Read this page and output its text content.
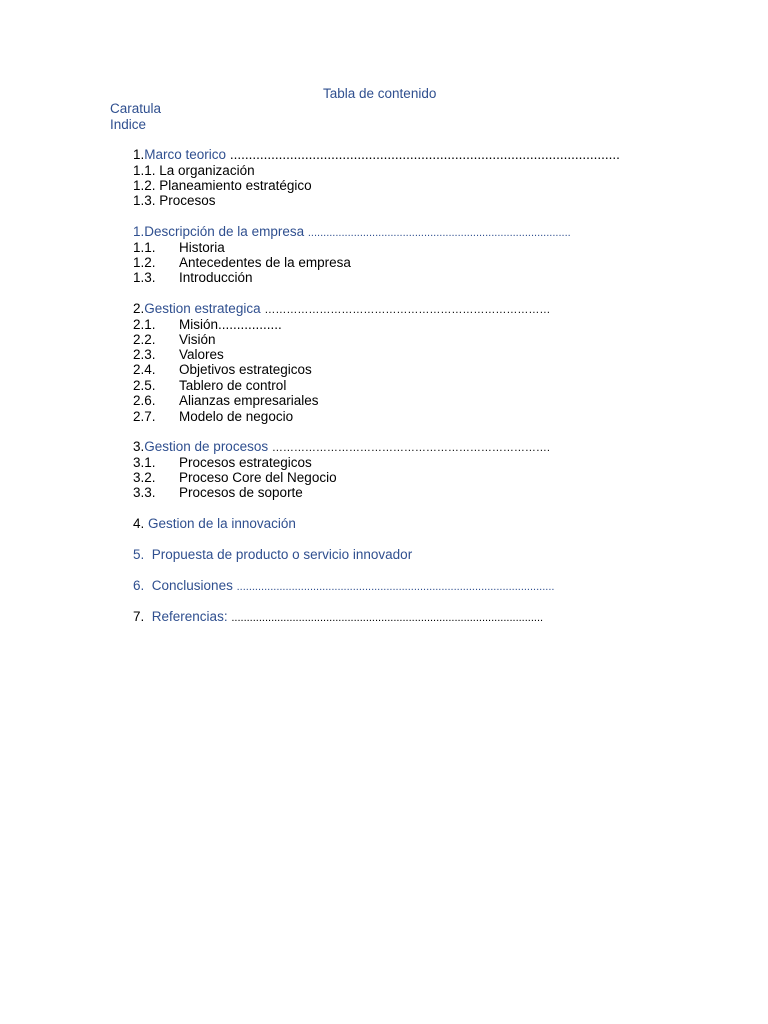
Tabla de contenido
Caratula
Indice
1.Marco teorico ........................................................................................................
1.1. La organización
1.2. Planeamiento estratégico
1.3. Procesos
1.Descripción de la empresa ......................................................................................
1.1. Historia
1.2. Antecedentes de la empresa
1.3. Introducción
2.Gestion estrategica ……………………………………………………………………
2.1. Misión.................
2.2. Visión
2.3. Valores
2.4. Objetivos estrategicos
2.5. Tablero de control
2.6. Alianzas empresariales
2.7. Modelo de negocio
3.Gestion de procesos ………………………………………………………………….
3.1. Procesos estrategicos
3.2. Proceso Core del Negocio
3.3. Procesos de soporte
4. Gestion de la innovación
5. Propuesta de producto o servicio innovador
6. Conclusiones ........................................................................................................
7. Referencias: ......................................................................................................
